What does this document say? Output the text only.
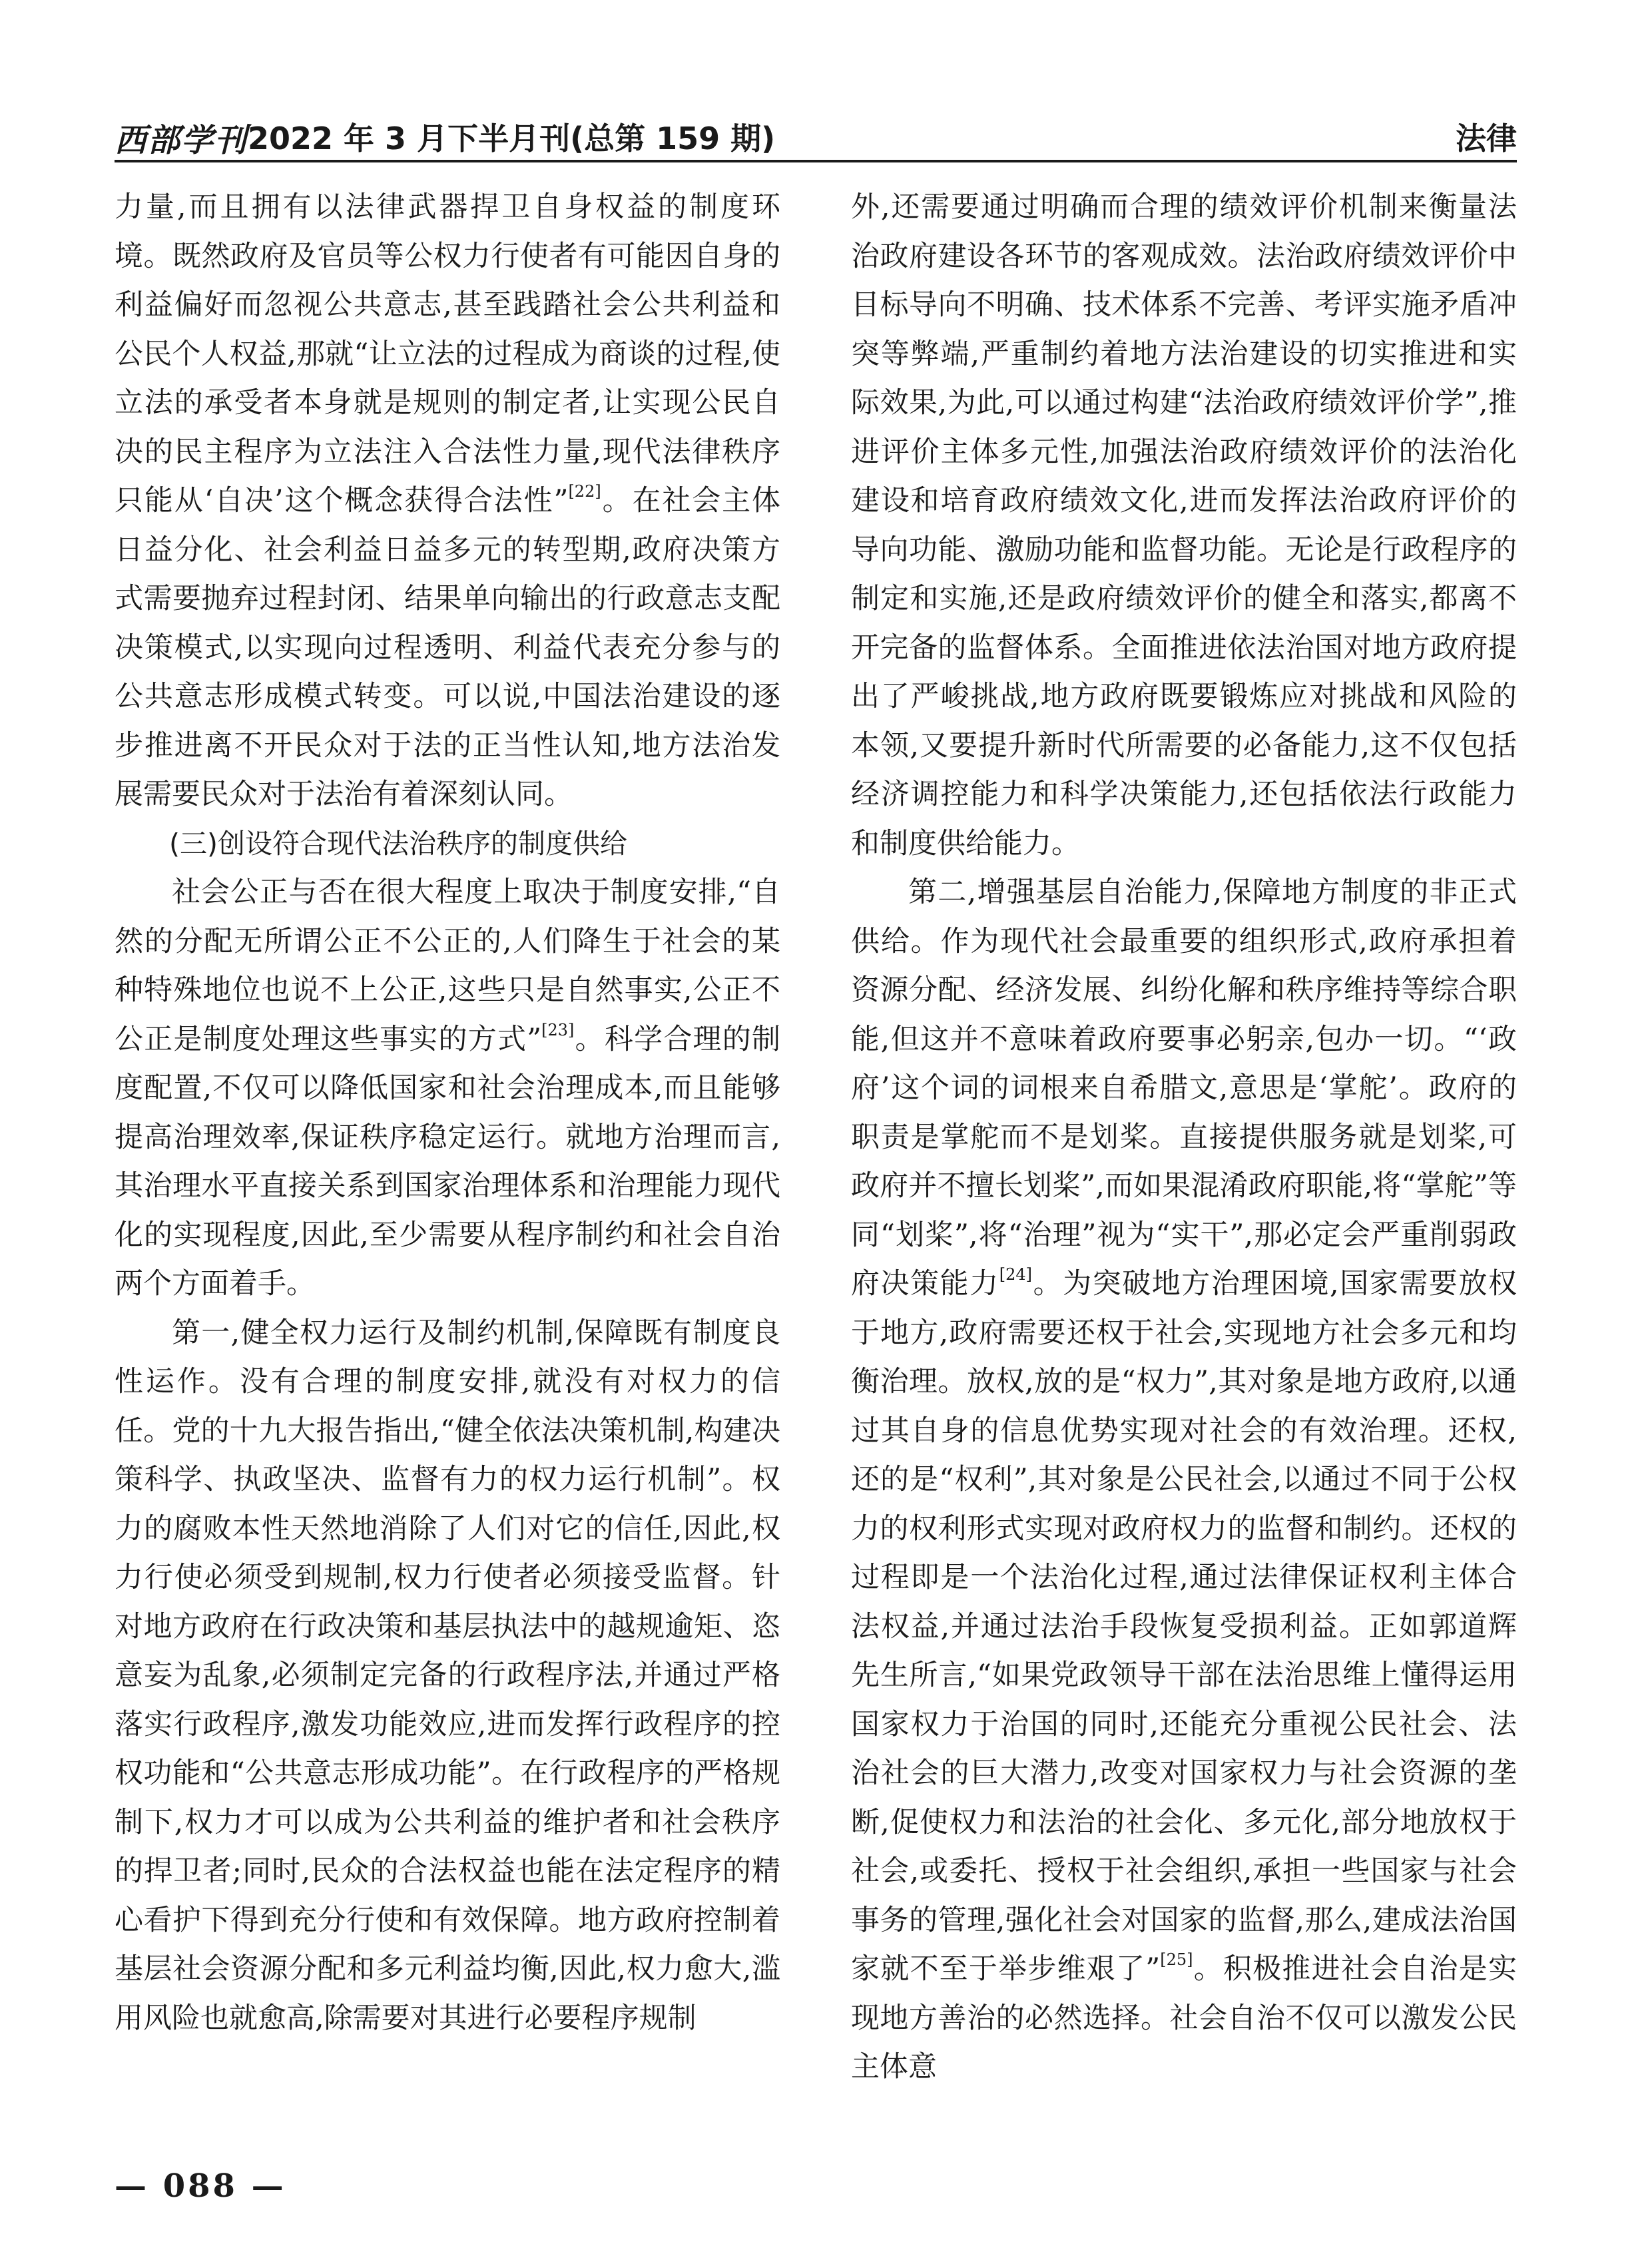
西部学刊 2022 年 3 月下半月刊(总第 159 期)	法律

力量,而且拥有以法律武器捍卫自身权益的制度环境。既然政府及官员等公权力行使者有可能因自身的利益偏好而忽视公共意志,甚至践踏社会公共利益和公民个人权益,那就“让立法的过程成为商谈的过程,使立法的承受者本身就是规则的制定者,让实现公民自决的民主程序为立法注入合法性力量,现代法律秩序只能从‘自决’这个概念获得合法性”[22]。在社会主体日益分化、社会利益日益多元的转型期,政府决策方式需要抛弃过程封闭、结果单向输出的行政意志支配决策模式,以实现向过程透明、利益代表充分参与的公共意志形成模式转变。可以说,中国法治建设的逐步推进离不开民众对于法的正当性认知,地方法治发展需要民众对于法治有着深刻认同。

(三)创设符合现代法治秩序的制度供给

社会公正与否在很大程度上取决于制度安排,“自然的分配无所谓公正不公正的,人们降生于社会的某种特殊地位也说不上公正,这些只是自然事实,公正不公正是制度处理这些事实的方式”[23]。科学合理的制度配置,不仅可以降低国家和社会治理成本,而且能够提高治理效率,保证秩序稳定运行。就地方治理而言,其治理水平直接关系到国家治理体系和治理能力现代化的实现程度,因此,至少需要从程序制约和社会自治两个方面着手。

第一,健全权力运行及制约机制,保障既有制度良性运作。没有合理的制度安排,就没有对权力的信任。党的十九大报告指出,“健全依法决策机制,构建决策科学、执政坚决、监督有力的权力运行机制”。权力的腐败本性天然地消除了人们对它的信任,因此,权力行使必须受到规制,权力行使者必须接受监督。针对地方政府在行政决策和基层执法中的越规逾矩、恣意妄为乱象,必须制定完备的行政程序法,并通过严格落实行政程序,激发功能效应,进而发挥行政程序的控权功能和“公共意志形成功能”。在行政程序的严格规制下,权力才可以成为公共利益的维护者和社会秩序的捍卫者;同时,民众的合法权益也能在法定程序的精心看护下得到充分行使和有效保障。地方政府控制着基层社会资源分配和多元利益均衡,因此,权力愈大,滥用风险也就愈高,除需要对其进行必要程序规制

外,还需要通过明确而合理的绩效评价机制来衡量法治政府建设各环节的客观成效。法治政府绩效评价中目标导向不明确、技术体系不完善、考评实施矛盾冲突等弊端,严重制约着地方法治建设的切实推进和实际效果,为此,可以通过构建“法治政府绩效评价学”,推进评价主体多元性,加强法治政府绩效评价的法治化建设和培育政府绩效文化,进而发挥法治政府评价的导向功能、激励功能和监督功能。无论是行政程序的制定和实施,还是政府绩效评价的健全和落实,都离不开完备的监督体系。全面推进依法治国对地方政府提出了严峻挑战,地方政府既要锻炼应对挑战和风险的本领,又要提升新时代所需要的必备能力,这不仅包括经济调控能力和科学决策能力,还包括依法行政能力和制度供给能力。

第二,增强基层自治能力,保障地方制度的非正式供给。作为现代社会最重要的组织形式,政府承担着资源分配、经济发展、纠纷化解和秩序维持等综合职能,但这并不意味着政府要事必躬亲,包办一切。“‘政府’这个词的词根来自希腊文,意思是‘掌舵’。政府的职责是掌舵而不是划桨。直接提供服务就是划桨,可政府并不擅长划桨”,而如果混淆政府职能,将“掌舵”等同“划桨”,将“治理”视为“实干”,那必定会严重削弱政府决策能力[24]。为突破地方治理困境,国家需要放权于地方,政府需要还权于社会,实现地方社会多元和均衡治理。放权,放的是“权力”,其对象是地方政府,以通过其自身的信息优势实现对社会的有效治理。还权,还的是“权利”,其对象是公民社会,以通过不同于公权力的权利形式实现对政府权力的监督和制约。还权的过程即是一个法治化过程,通过法律保证权利主体合法权益,并通过法治手段恢复受损利益。正如郭道辉先生所言,“如果党政领导干部在法治思维上懂得运用国家权力于治国的同时,还能充分重视公民社会、法治社会的巨大潜力,改变对国家权力与社会资源的垄断,促使权力和法治的社会化、多元化,部分地放权于社会,或委托、授权于社会组织,承担一些国家与社会事务的管理,强化社会对国家的监督,那么,建成法治国家就不至于举步维艰了”[25]。积极推进社会自治是实现地方善治的必然选择。社会自治不仅可以激发公民主体意

— 088 —
